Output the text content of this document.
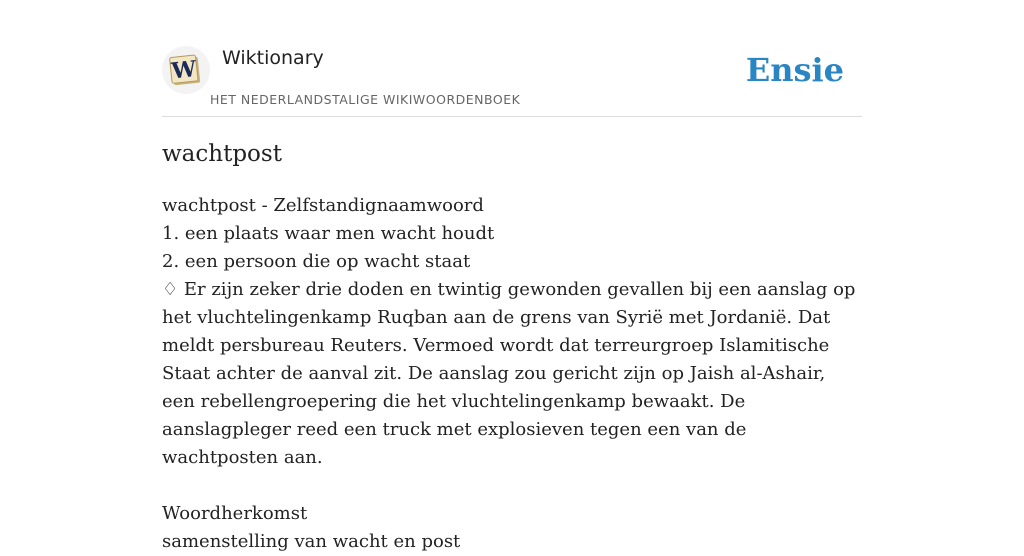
W Wiktionary
HET NEDERLANDSTALIGE WIKIWOORDENBOEK
Ensie
wachtpost
wachtpost - Zelfstandignaamwoord
1. een plaats waar men wacht houdt
2. een persoon die op wacht staat
♢ Er zijn zeker drie doden en twintig gewonden gevallen bij een aanslag op het vluchtelingenkamp Ruqban aan de grens van Syrië met Jordanië. Dat meldt persbureau Reuters. Vermoed wordt dat terreurgroep Islamitische Staat achter de aanval zit. De aanslag zou gericht zijn op Jaish al-Ashair, een rebellengroepering die het vluchtelingenkamp bewaakt. De aanslagpleger reed een truck met explosieven tegen een van de wachtposten aan.
Woordherkomst
samenstelling van wacht en post
